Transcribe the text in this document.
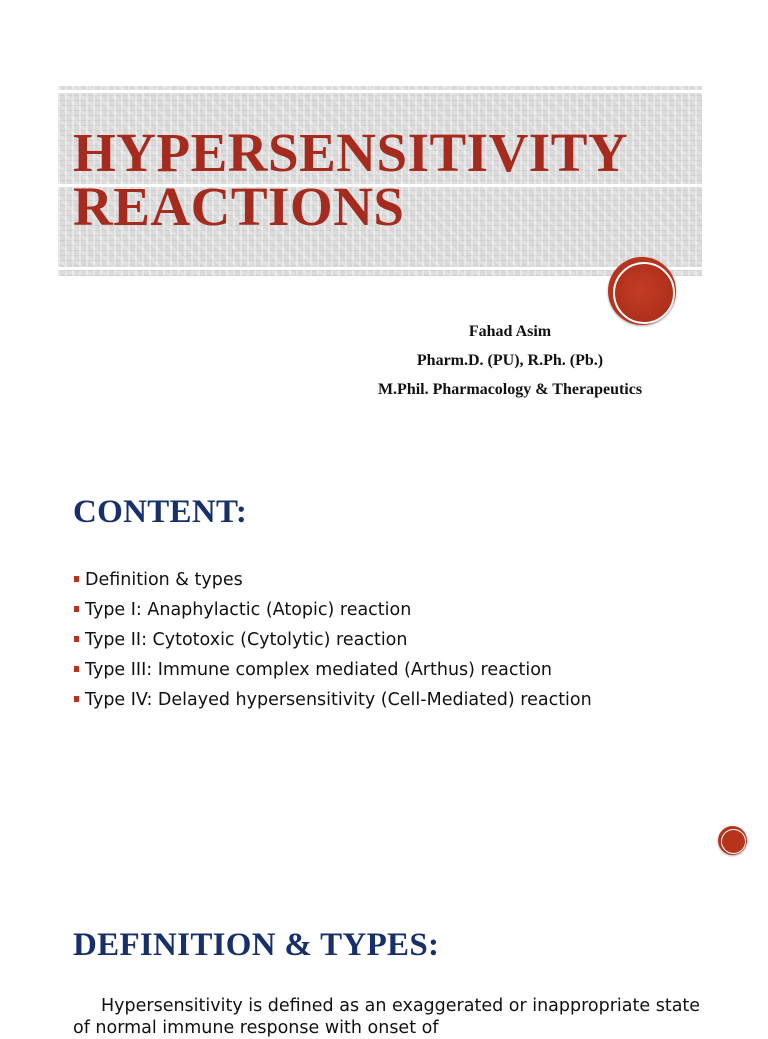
HYPERSENSITIVITY
REACTIONS
Fahad Asim
Pharm.D. (PU), R.Ph. (Pb.)
M.Phil. Pharmacology & Therapeutics
CONTENT:
Definition & types
Type I: Anaphylactic (Atopic) reaction
Type II: Cytotoxic (Cytolytic) reaction
Type III: Immune complex mediated (Arthus) reaction
Type IV: Delayed hypersensitivity (Cell-Mediated) reaction
DEFINITION & TYPES:
Hypersensitivity is defined as an exaggerated or inappropriate state of normal immune response with onset of
